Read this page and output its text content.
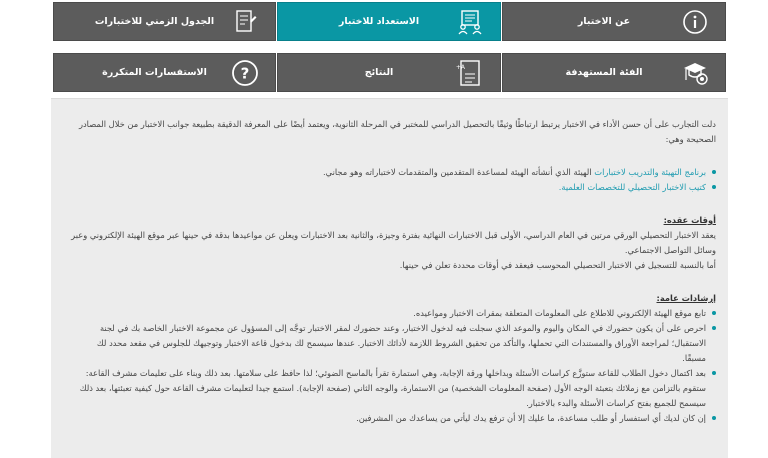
عن الاختبار
الاستعداد للاختبار
الجدول الزمني للاختبارات
الفئة المستهدفة
A+
النتائج
?
الاستفسارات المتكررة

دلت التجارب على أن حسن الأداء في الاختبار يرتبط ارتباطًا وثيقًا بالتحصيل الدراسي للمختبر في المرحلة الثانوية، ويعتمد أيضًا على المعرفة الدقيقة بطبيعة جوانب الاختبار من خلال المصادر الصحيحة وهي:

برنامج التهيئة والتدريب لاختبارات الهيئة الذي أنشأته الهيئة لمساعدة المتقدمين والمتقدمات لاختباراته وهو مجاني.
كتيب الاختبار التحصيلي للتخصصات العلمية.

أوقات عقده:

يعقد الاختبار التحصيلي الورقي مرتين في العام الدراسي، الأولى قبل الاختبارات النهائية بفترة وجيزة، والثانية بعد الاختبارات ويعلن عن مواعيدها بدقة في حينها عبر موقع الهيئة الإلكتروني وعبر وسائل التواصل الاجتماعي.

أما بالنسبة للتسجيل في الاختبار التحصيلي المحوسب فيعقد في أوقات محددة تعلن في حينها.

إرشادات عامة:

تابع موقع الهيئة الإلكتروني للاطلاع على المعلومات المتعلقة بمقرات الاختبار ومواعيده.
احرص على أن يكون حضورك في المكان واليوم والموعد الذي سجلت فيه لدخول الاختبار، وعند حضورك لمقر الاختبار توجَّه إلى المسؤول عن مجموعة الاختبار الخاصة بك في لجنة الاستقبال؛ لمراجعة الأوراق والمستندات التي تحملها، والتأكد من تحقيق الشروط اللازمة لأدائك الاختبار. عندها سيسمح لك بدخول قاعة الاختبار وتوجيهك للجلوس في مقعد محدد لك مسبقًا.
بعد اكتمال دخول الطلاب للقاعة ستوزَّع كراسات الأسئلة وبداخلها ورقة الإجابة، وهي استمارة تقرأ بالماسح الضوئي؛ لذا حافظ على سلامتها. بعد ذلك وبناء على تعليمات مشرف القاعة: ستقوم بالتزامن مع زملائك بتعبئة الوجه الأول (صفحة المعلومات الشخصية) من الاستمارة، والوجه الثاني (صفحة الإجابة). استمع جيدا لتعليمات مشرف القاعة حول كيفية تعبئتها، بعد ذلك سيسمح للجميع بفتح كراسات الأسئلة والبدء بالاختبار.
إن كان لديك أي استفسار أو طلب مساعدة، ما عليك إلا أن ترفع يدك ليأتي من يساعدك من المشرفين.
